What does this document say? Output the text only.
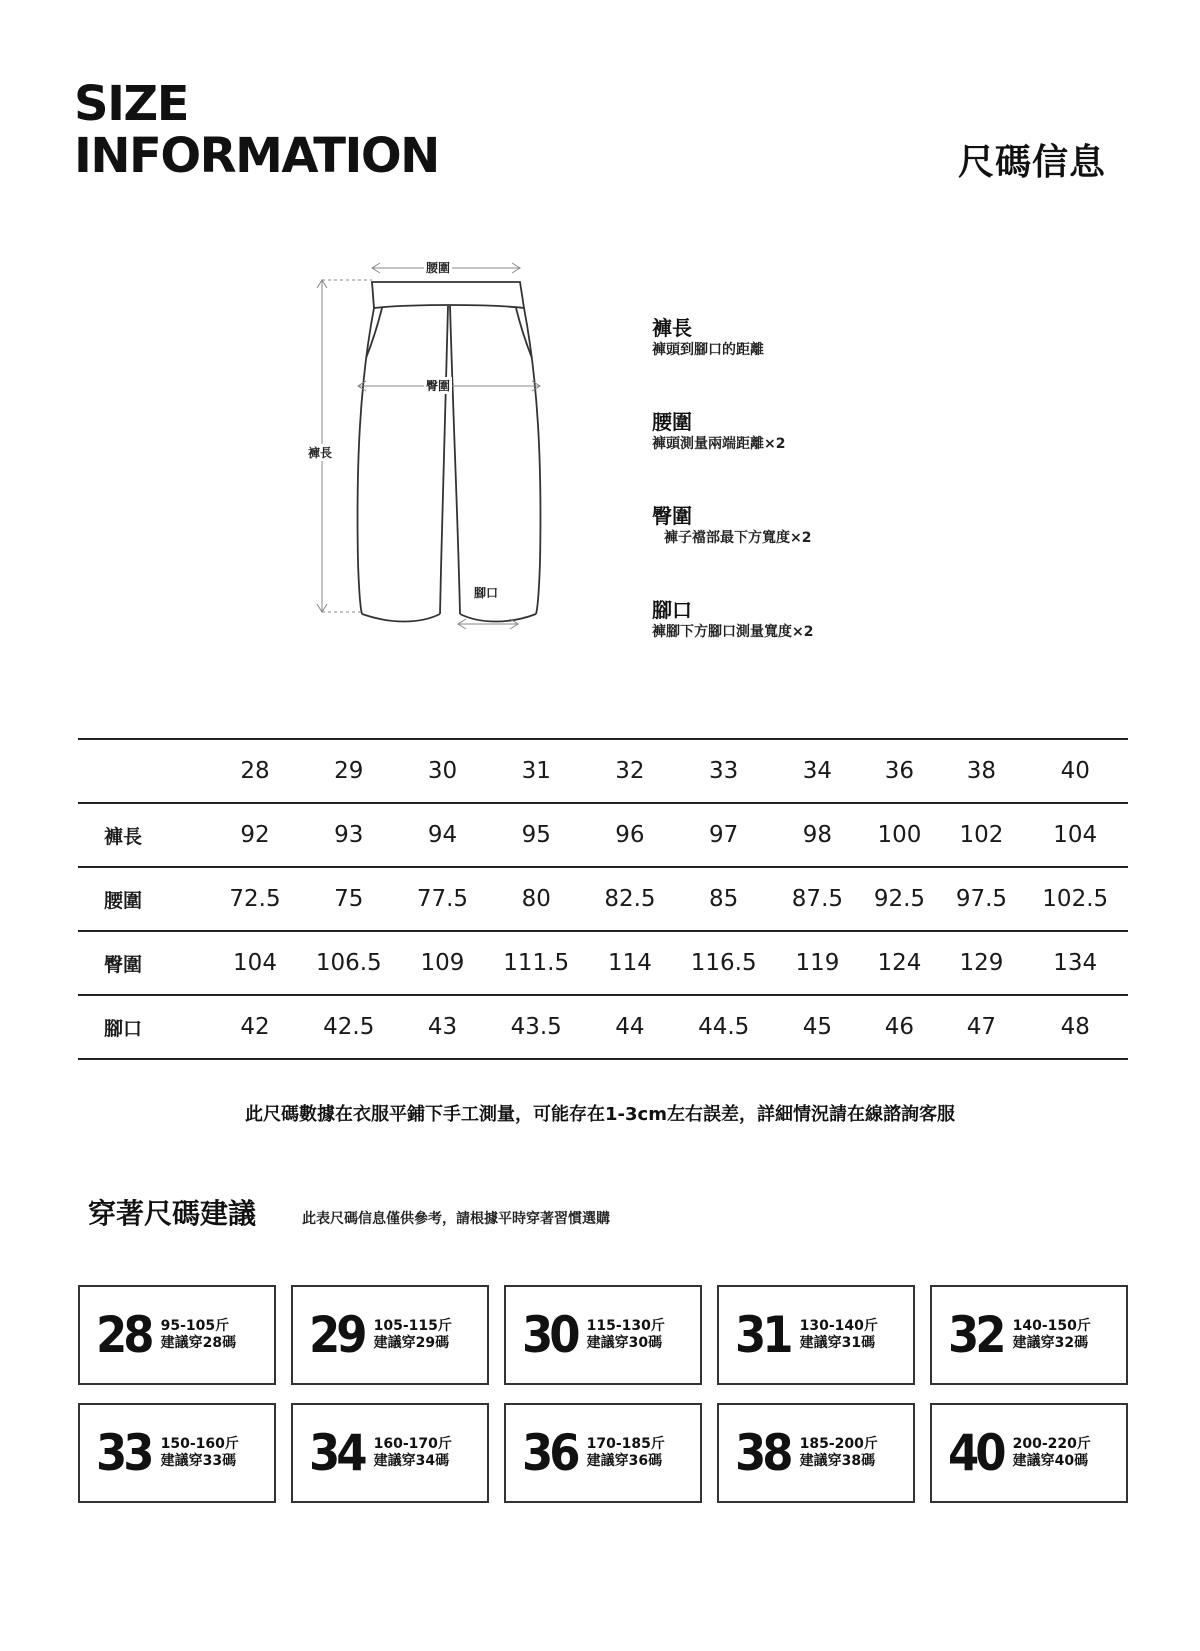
SIZE
INFORMATION	尺碼信息
腰圍
臀圍
褲長
腳口
褲長
褲頭到腳口的距離
腰圍
褲頭測量兩端距離×2
臀圍
褲子襠部最下方寬度×2
腳口
褲腳下方腳口測量寬度×2
	28	29	30	31	32	33	34	36	38	40
褲長	92	93	94	95	96	97	98	100	102	104
腰圍	72.5	75	77.5	80	82.5	85	87.5	92.5	97.5	102.5
臀圍	104	106.5	109	111.5	114	116.5	119	124	129	134
腳口	42	42.5	43	43.5	44	44.5	45	46	47	48
此尺碼數據在衣服平鋪下手工測量，可能存在1-3cm左右誤差，詳細情況請在線諮詢客服
穿著尺碼建議	此表尺碼信息僅供參考，請根據平時穿著習慣選購
28 95-105斤
建議穿28碼 29 105-115斤
建議穿29碼 30 115-130斤
建議穿30碼 31 130-140斤
建議穿31碼 32 140-150斤
建議穿32碼
33 150-160斤
建議穿33碼 34 160-170斤
建議穿34碼 36 170-185斤
建議穿36碼 38 185-200斤
建議穿38碼 40 200-220斤
建議穿40碼
